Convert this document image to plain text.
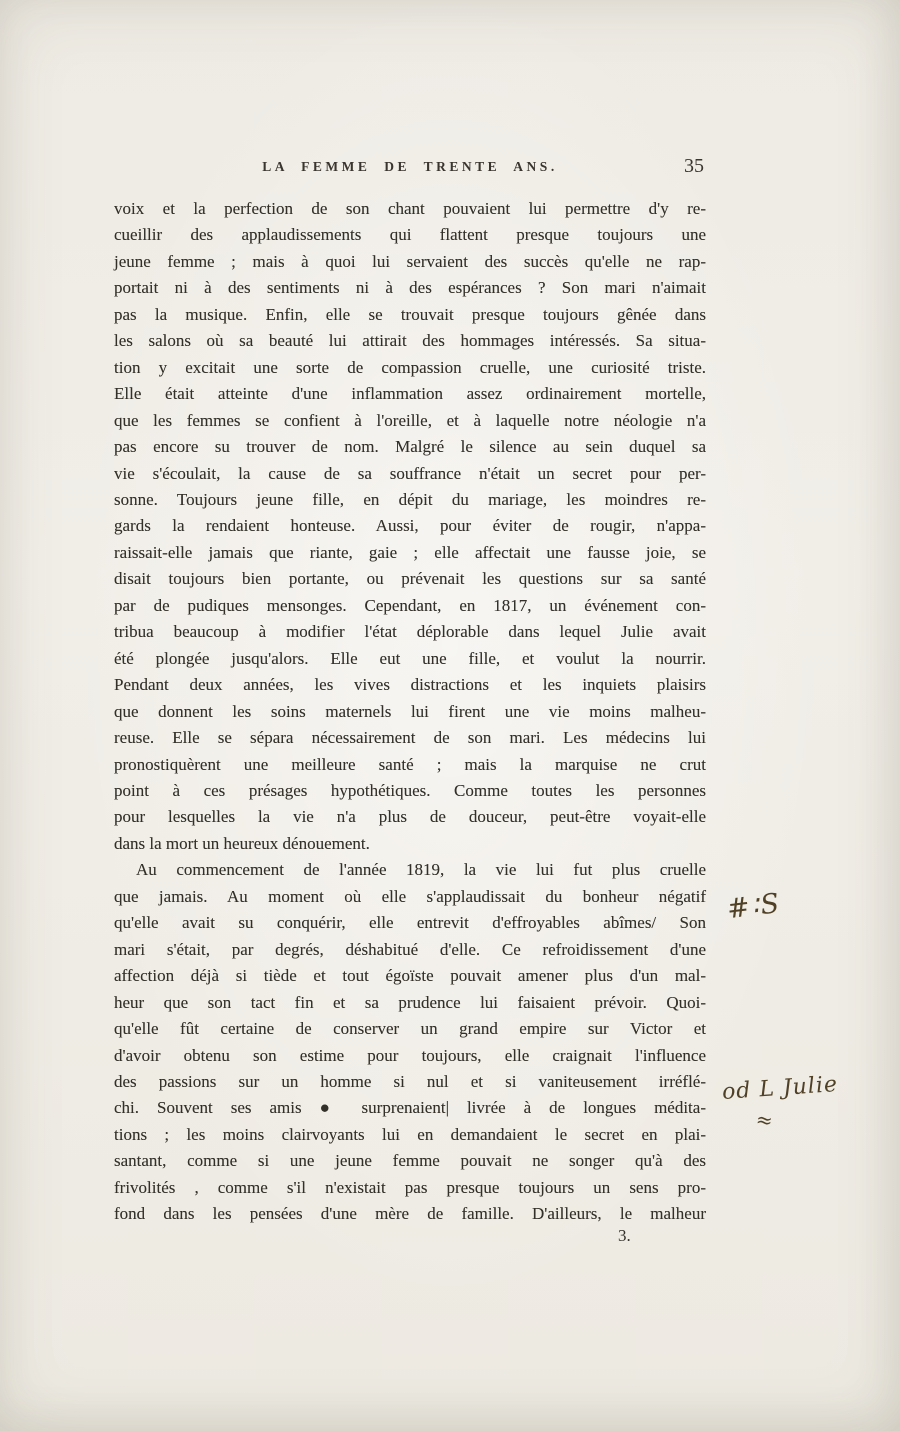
LA FEMME DE TRENTE ANS.	35
voix et la perfection de son chant pouvaient lui permettre d'y re-
cueillir des applaudissements qui flattent presque toujours une
jeune femme ; mais à quoi lui servaient des succès qu'elle ne rap-
portait ni à des sentiments ni à des espérances ? Son mari n'aimait
pas la musique. Enfin, elle se trouvait presque toujours gênée dans
les salons où sa beauté lui attirait des hommages intéressés. Sa situa-
tion y excitait une sorte de compassion cruelle, une curiosité triste.
Elle était atteinte d'une inflammation assez ordinairement mortelle,
que les femmes se confient à l'oreille, et à laquelle notre néologie n'a
pas encore su trouver de nom. Malgré le silence au sein duquel sa
vie s'écoulait, la cause de sa souffrance n'était un secret pour per-
sonne. Toujours jeune fille, en dépit du mariage, les moindres re-
gards la rendaient honteuse. Aussi, pour éviter de rougir, n'appa-
raissait-elle jamais que riante, gaie ; elle affectait une fausse joie, se
disait toujours bien portante, ou prévenait les questions sur sa santé
par de pudiques mensonges. Cependant, en 1817, un événement con-
tribua beaucoup à modifier l'état déplorable dans lequel Julie avait
été plongée jusqu'alors. Elle eut une fille, et voulut la nourrir.
Pendant deux années, les vives distractions et les inquiets plaisirs
que donnent les soins maternels lui firent une vie moins malheu-
reuse. Elle se sépara nécessairement de son mari. Les médecins lui
pronostiquèrent une meilleure santé ; mais la marquise ne crut
point à ces présages hypothétiques. Comme toutes les personnes
pour lesquelles la vie n'a plus de douceur, peut-être voyait-elle
dans la mort un heureux dénouement.
Au commencement de l'année 1819, la vie lui fut plus cruelle
que jamais. Au moment où elle s'applaudissait du bonheur négatif
qu'elle avait su conquérir, elle entrevit d'effroyables abîmes/ Son
mari s'était, par degrés, déshabitué d'elle. Ce refroidissement d'une
affection déjà si tiède et tout égoïste pouvait amener plus d'un mal-
heur que son tact fin et sa prudence lui faisaient prévoir. Quoi-
qu'elle fût certaine de conserver un grand empire sur Victor et
d'avoir obtenu son estime pour toujours, elle craignait l'influence
des passions sur un homme si nul et si vaniteusement irréflé-
chi. Souvent ses amis ● surprenaient| livrée à de longues médita-
tions ; les moins clairvoyants lui en demandaient le secret en plai-
santant, comme si une jeune femme pouvait ne songer qu'à des
frivolités , comme s'il n'existait pas presque toujours un sens pro-
fond dans les pensées d'une mère de famille. D'ailleurs, le malheur
3.
#∶S
od L Julie
≈
